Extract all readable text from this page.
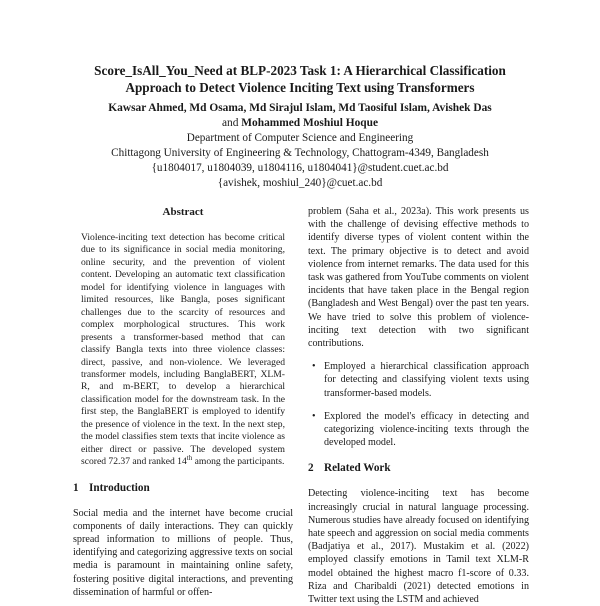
Score_IsAll_You_Need at BLP-2023 Task 1: A Hierarchical Classification
Approach to Detect Violence Inciting Text using Transformers
Kawsar Ahmed, Md Osama, Md Sirajul Islam, Md Taosiful Islam, Avishek Das
and Mohammed Moshiul Hoque
Department of Computer Science and Engineering
Chittagong University of Engineering & Technology, Chattogram-4349, Bangladesh
{u1804017, u1804039, u1804116, u1804041}@student.cuet.ac.bd
{avishek, moshiul_240}@cuet.ac.bd
Abstract
Violence-inciting text detection has become critical due to its significance in social media monitoring, online security, and the prevention of violent content. Developing an automatic text classification model for identifying violence in languages with limited resources, like Bangla, poses significant challenges due to the scarcity of resources and complex morphological structures. This work presents a transformer-based method that can classify Bangla texts into three violence classes: direct, passive, and non-violence. We leveraged transformer models, including BanglaBERT, XLM-R, and m-BERT, to develop a hierarchical classification model for the downstream task. In the first step, the BanglaBERT is employed to identify the presence of violence in the text. In the next step, the model classifies stem texts that incite violence as either direct or passive. The developed system scored 72.37 and ranked 14th among the participants.
1 Introduction
Social media and the internet have become crucial components of daily interactions. They can quickly spread information to millions of people. Thus, identifying and categorizing aggressive texts on social media is paramount in maintaining online safety, fostering positive digital interactions, and preventing dissemination of harmful or offen-
problem (Saha et al., 2023a). This work presents us with the challenge of devising effective methods to identify diverse types of violent content within the text. The primary objective is to detect and avoid violence from internet remarks. The data used for this task was gathered from YouTube comments on violent incidents that have taken place in the Bengal region (Bangladesh and West Bengal) over the past ten years. We have tried to solve this problem of violence-inciting text detection with two significant contributions.
• Employed a hierarchical classification approach for detecting and classifying violent texts using transformer-based models.
• Explored the model's efficacy in detecting and categorizing violence-inciting texts through the developed model.
2 Related Work
Detecting violence-inciting text has become increasingly crucial in natural language processing. Numerous studies have already focused on identifying hate speech and aggression on social media comments (Badjatiya et al., 2017). Mustakim et al. (2022) employed classify emotions in Tamil text XLM-R model obtained the highest macro f1-score of 0.33. Riza and Charibaldi (2021) detected emotions in Twitter text using the LSTM and achieved
